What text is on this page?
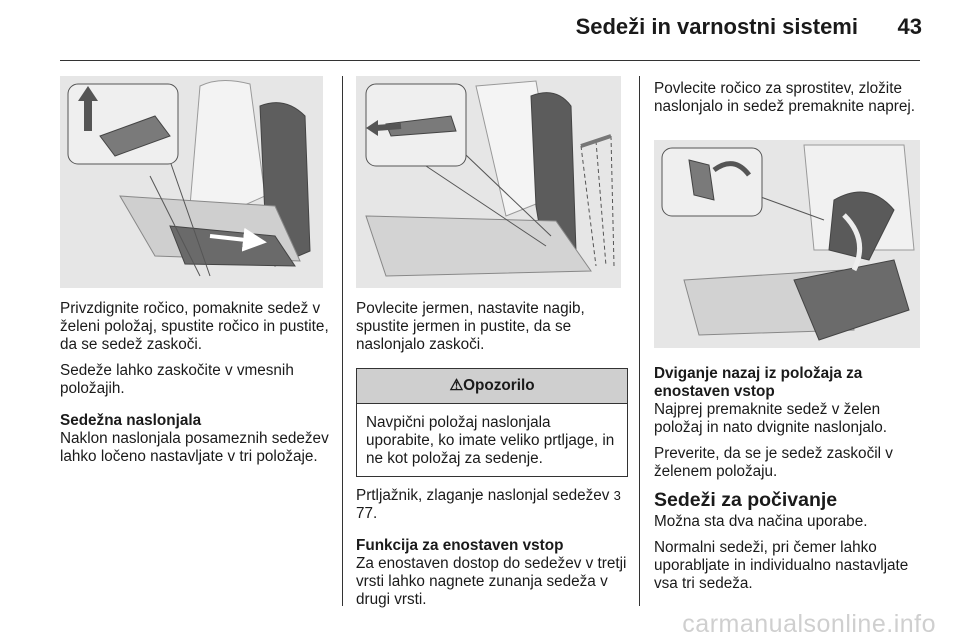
Sedeži in varnostni sistemi	43

Privzdignite ročico, pomaknite sedež v želeni položaj, spustite ročico in pustite, da se sedež zaskoči.

Sedeže lahko zaskočite v vmesnih položajih.

Sedežna naslonjala

Naklon naslonjala posameznih sedežev lahko ločeno nastavljate v tri položaje.

Povlecite jermen, nastavite nagib, spustite jermen in pustite, da se naslonjalo zaskoči.

⚠Opozorilo
Navpični položaj naslonjala uporabite, ko imate veliko prtljage, in ne kot položaj za sedenje.

Prtljažnik, zlaganje naslonjal sedežev 3 77.

Funkcija za enostaven vstop

Za enostaven dostop do sedežev v tretji vrsti lahko nagnete zunanja sedeža v drugi vrsti.

Povlecite ročico za sprostitev, zložite naslonjalo in sedež premaknite naprej.

Dviganje nazaj iz položaja za enostaven vstop

Najprej premaknite sedež v želen položaj in nato dvignite naslonjalo.

Preverite, da se je sedež zaskočil v želenem položaju.

Sedeži za počivanje

Možna sta dva načina uporabe.

Normalni sedeži, pri čemer lahko uporabljate in individualno nastavljate vsa tri sedeža.

carmanualsonline.info
